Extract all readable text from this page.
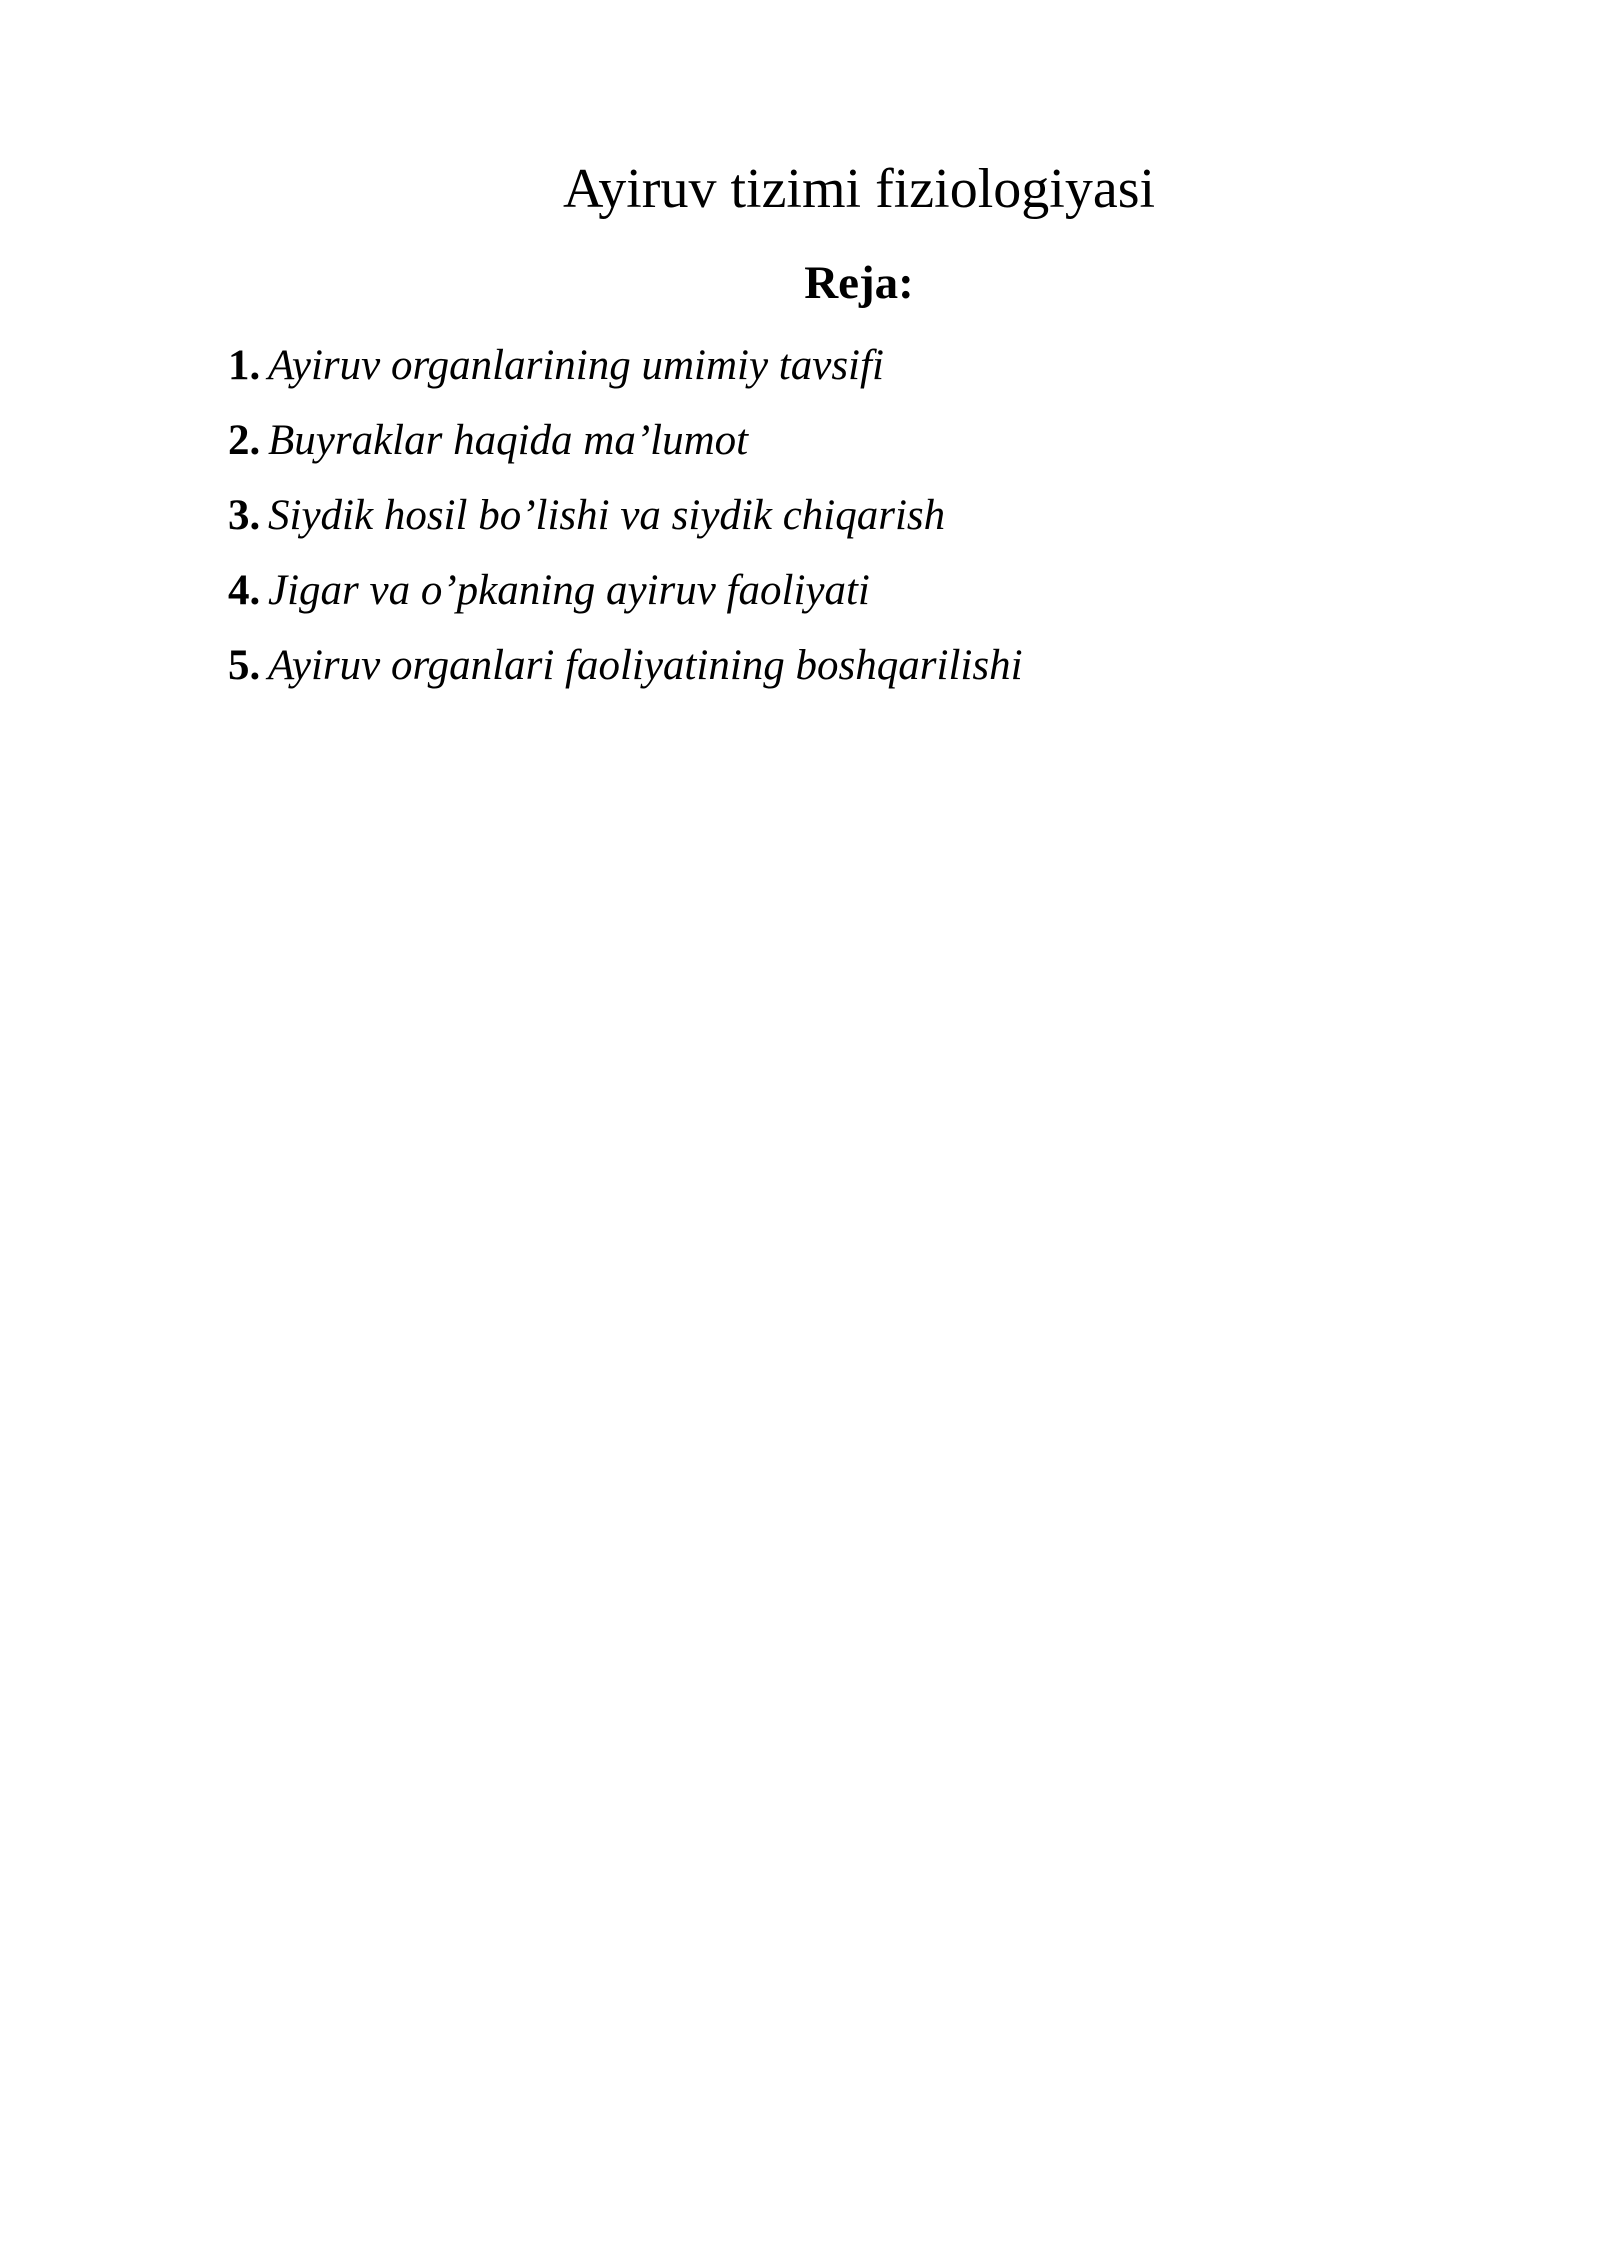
Ayiruv tizimi fiziologiyasi
Reja:
1. Ayiruv organlarining umimiy tavsifi
2. Buyraklar haqida ma’lumot
3. Siydik hosil bo’lishi va siydik chiqarish
4. Jigar va o’pkaning ayiruv faoliyati
5. Ayiruv organlari faoliyatining boshqarilishi
